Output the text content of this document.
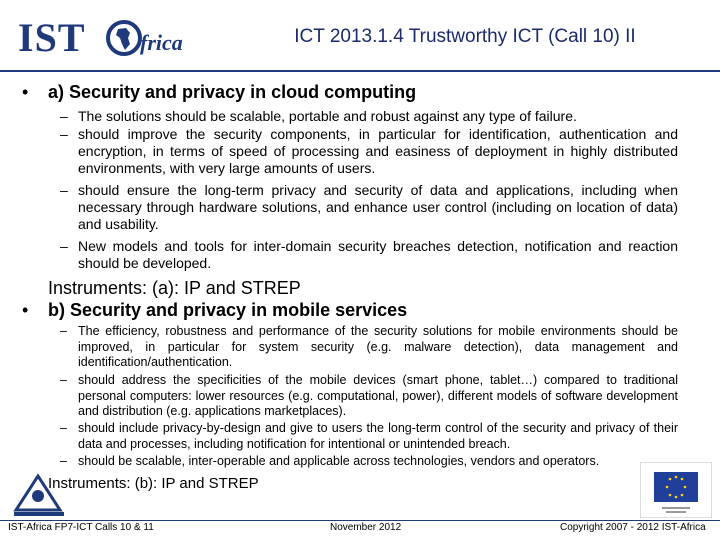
IST frica	ICT 2013.1.4 Trustworthy ICT (Call 10) II
• a) Security and privacy in cloud computing
– The solutions should be scalable, portable and robust against any type of failure.
– should improve the security components, in particular for identification, authentication and encryption, in terms of speed of processing and easiness of deployment in highly distributed environments, with very large amounts of users.
– should ensure the long-term privacy and security of data and applications, including when necessary through hardware solutions, and enhance user control (including on location of data) and usability.
– New models and tools for inter-domain security breaches detection, notification and reaction should be developed.
Instruments: (a): IP and STREP
• b) Security and privacy in mobile services
– The efficiency, robustness and performance of the security solutions for mobile environments should be improved, in particular for system security (e.g. malware detection), data management and identification/authentication.
– should address the specificities of the mobile devices (smart phone, tablet…) compared to traditional personal computers: lower resources (e.g. computational, power), different models of software development and distribution (e.g. applications marketplaces).
– should include privacy-by-design and give to users the long-term control of the security and privacy of their data and processes, including notification for intentional or unintended breach.
– should be scalable, inter-operable and applicable across technologies, vendors and operators.
Instruments: (b): IP and STREP
IST-Africa FP7-ICT Calls 10 & 11	November 2012	Copyright 2007 - 2012 IST-Africa
